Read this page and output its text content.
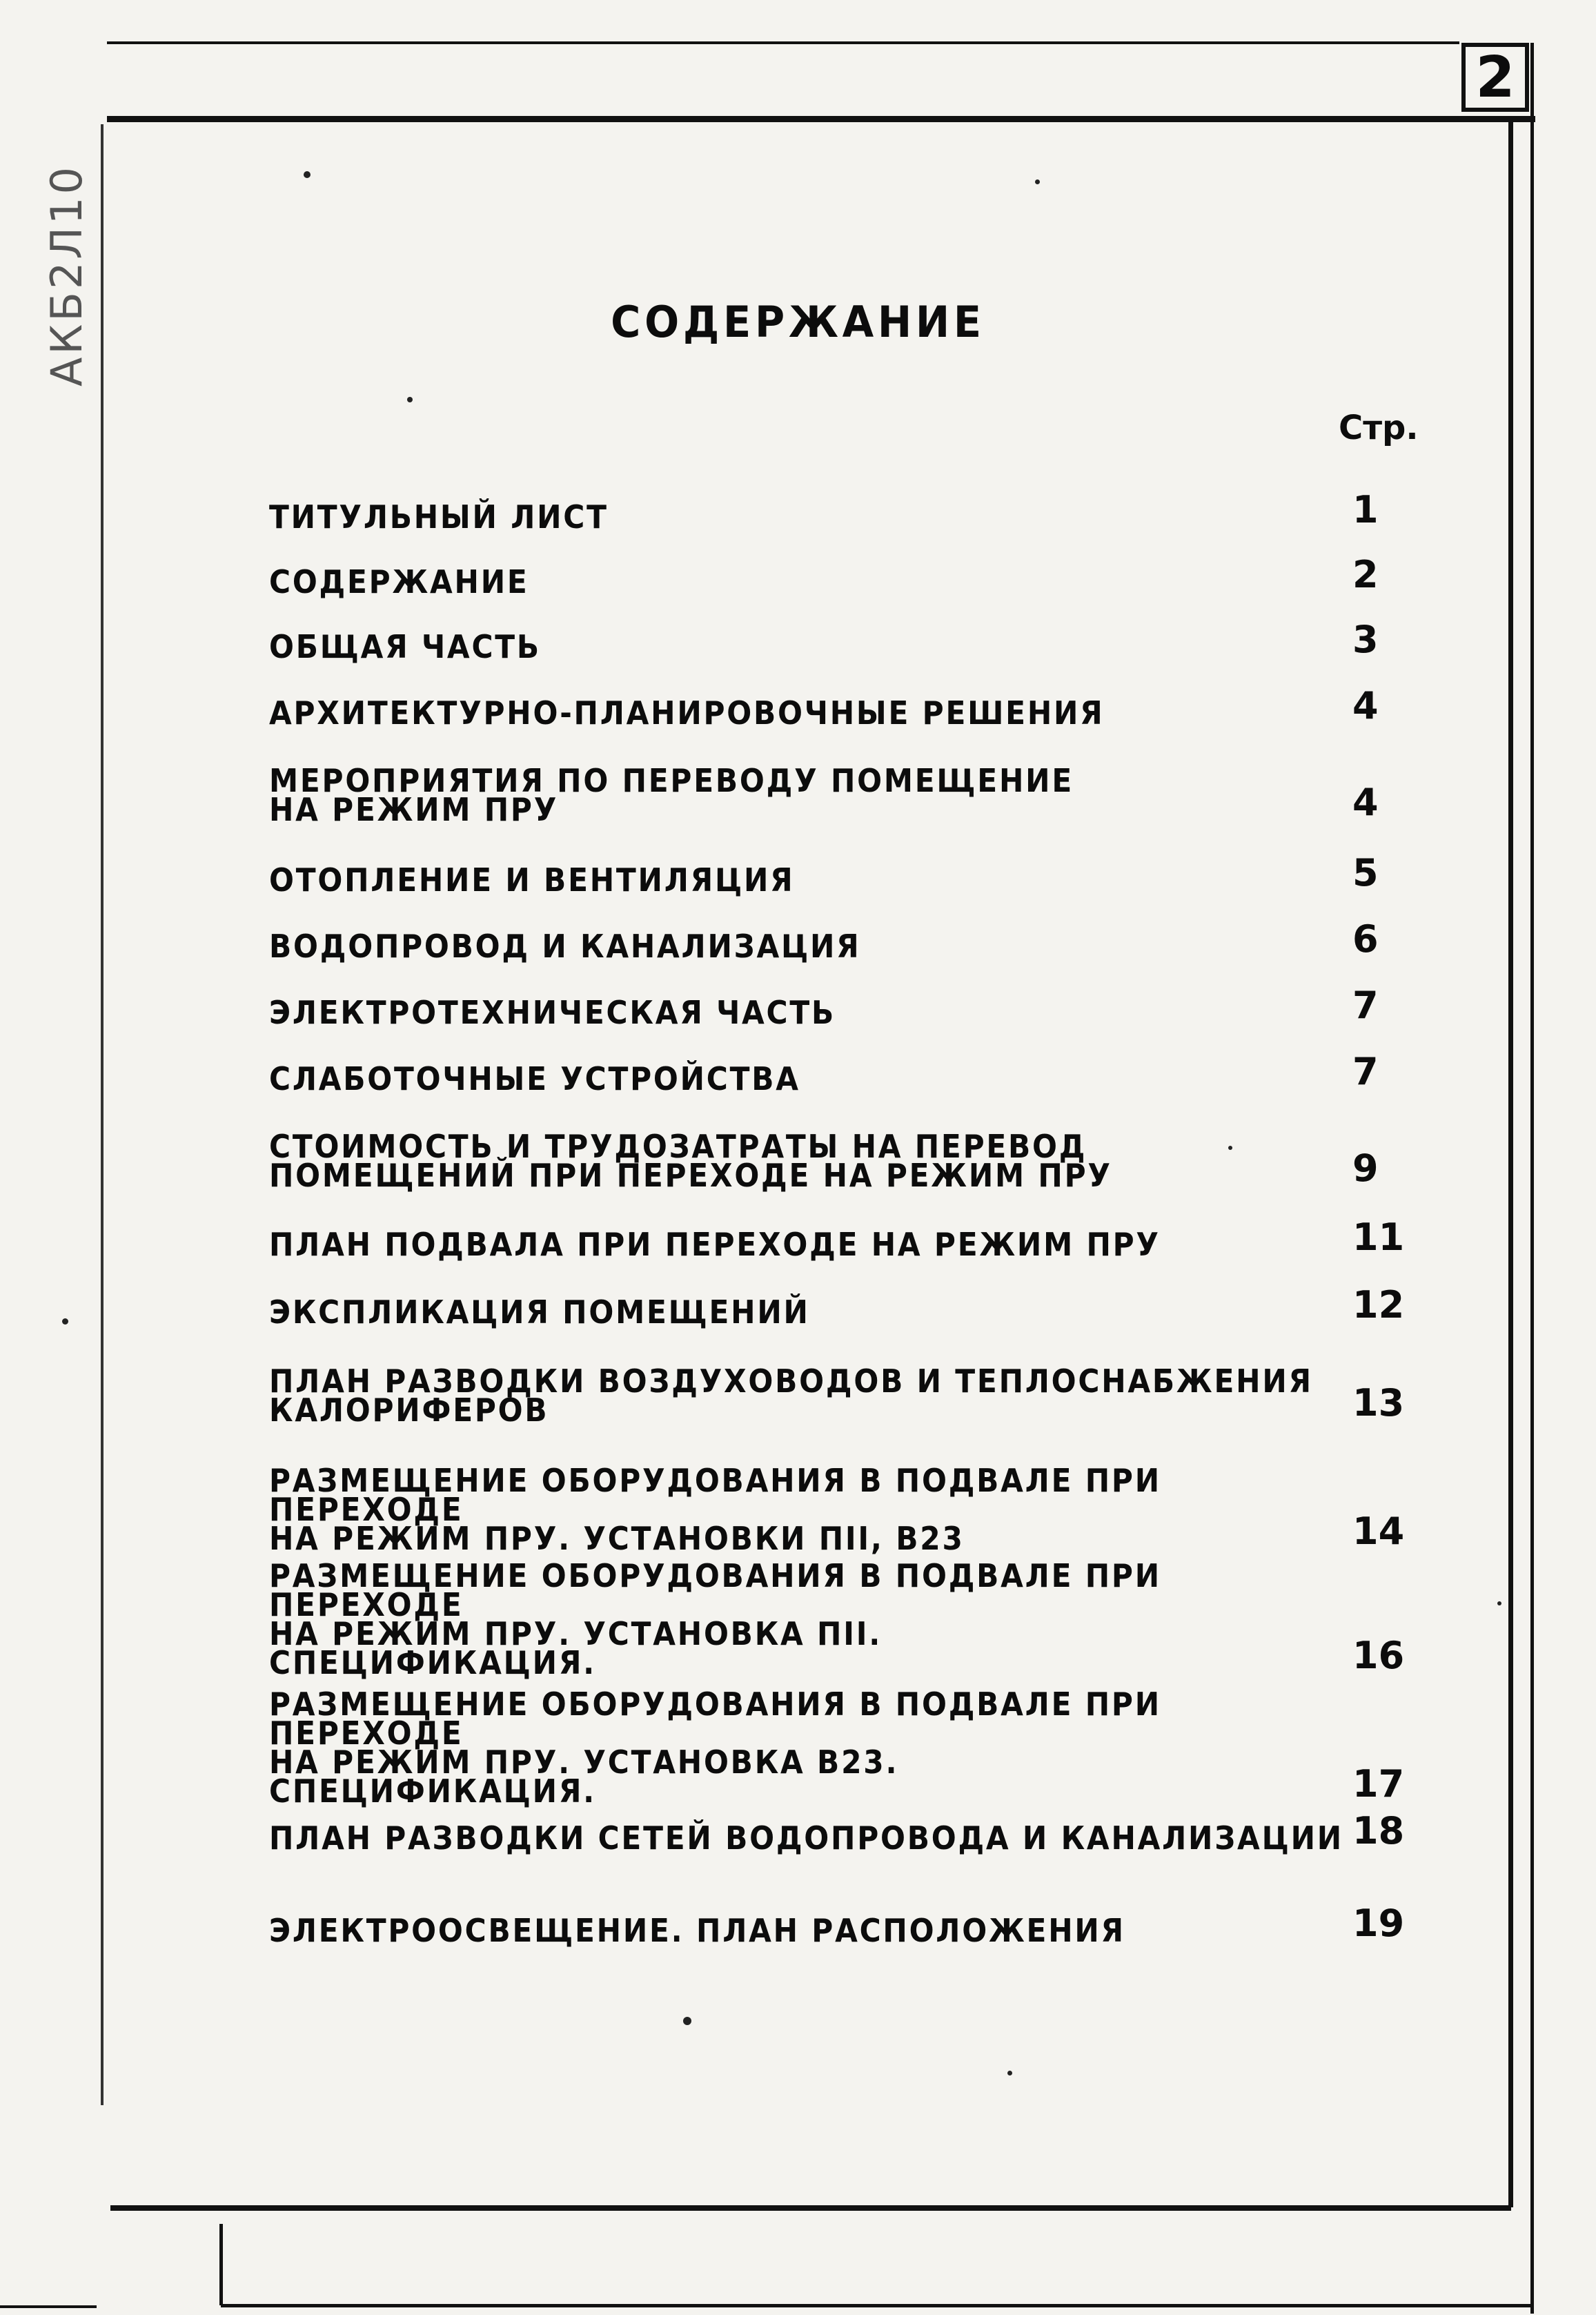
2
АКБ2Л10	СОДЕРЖАНИЕ
Стр.
ТИТУЛЬНЫЙ ЛИСТ	1
СОДЕРЖАНИЕ	2
ОБЩАЯ ЧАСТЬ	3
АРХИТЕКТУРНО-ПЛАНИРОВОЧНЫЕ РЕШЕНИЯ	4
МЕРОПРИЯТИЯ ПО ПЕРЕВОДУ ПОМЕЩЕНИЕ
НА РЕЖИМ ПРУ	4
ОТОПЛЕНИЕ И ВЕНТИЛЯЦИЯ	5
ВОДОПРОВОД И КАНАЛИЗАЦИЯ	6
ЭЛЕКТРОТЕХНИЧЕСКАЯ ЧАСТЬ	7
СЛАБОТОЧНЫЕ УСТРОЙСТВА	7
СТОИМОСТЬ И ТРУДОЗАТРАТЫ НА ПЕРЕВОД
ПОМЕЩЕНИЙ ПРИ ПЕРЕХОДЕ НА РЕЖИМ ПРУ	9
ПЛАН ПОДВАЛА ПРИ ПЕРЕХОДЕ НА РЕЖИМ ПРУ	11
ЭКСПЛИКАЦИЯ ПОМЕЩЕНИЙ	12
ПЛАН РАЗВОДКИ ВОЗДУХОВОДОВ И ТЕПЛОСНАБЖЕНИЯ
КАЛОРИФЕРОВ	13
РАЗМЕЩЕНИЕ ОБОРУДОВАНИЯ В ПОДВАЛЕ ПРИ ПЕРЕХОДЕ
НА РЕЖИМ ПРУ. УСТАНОВКИ ПII, В23	14
РАЗМЕЩЕНИЕ ОБОРУДОВАНИЯ В ПОДВАЛЕ ПРИ ПЕРЕХОДЕ
НА РЕЖИМ ПРУ. УСТАНОВКА ПII.
СПЕЦИФИКАЦИЯ.	16
РАЗМЕЩЕНИЕ ОБОРУДОВАНИЯ В ПОДВАЛЕ ПРИ ПЕРЕХОДЕ
НА РЕЖИМ ПРУ. УСТАНОВКА В23.
СПЕЦИФИКАЦИЯ.	17
ПЛАН РАЗВОДКИ СЕТЕЙ ВОДОПРОВОДА И КАНАЛИЗАЦИИ 18
ЭЛЕКТРООСВЕЩЕНИЕ. ПЛАН РАСПОЛОЖЕНИЯ	19
